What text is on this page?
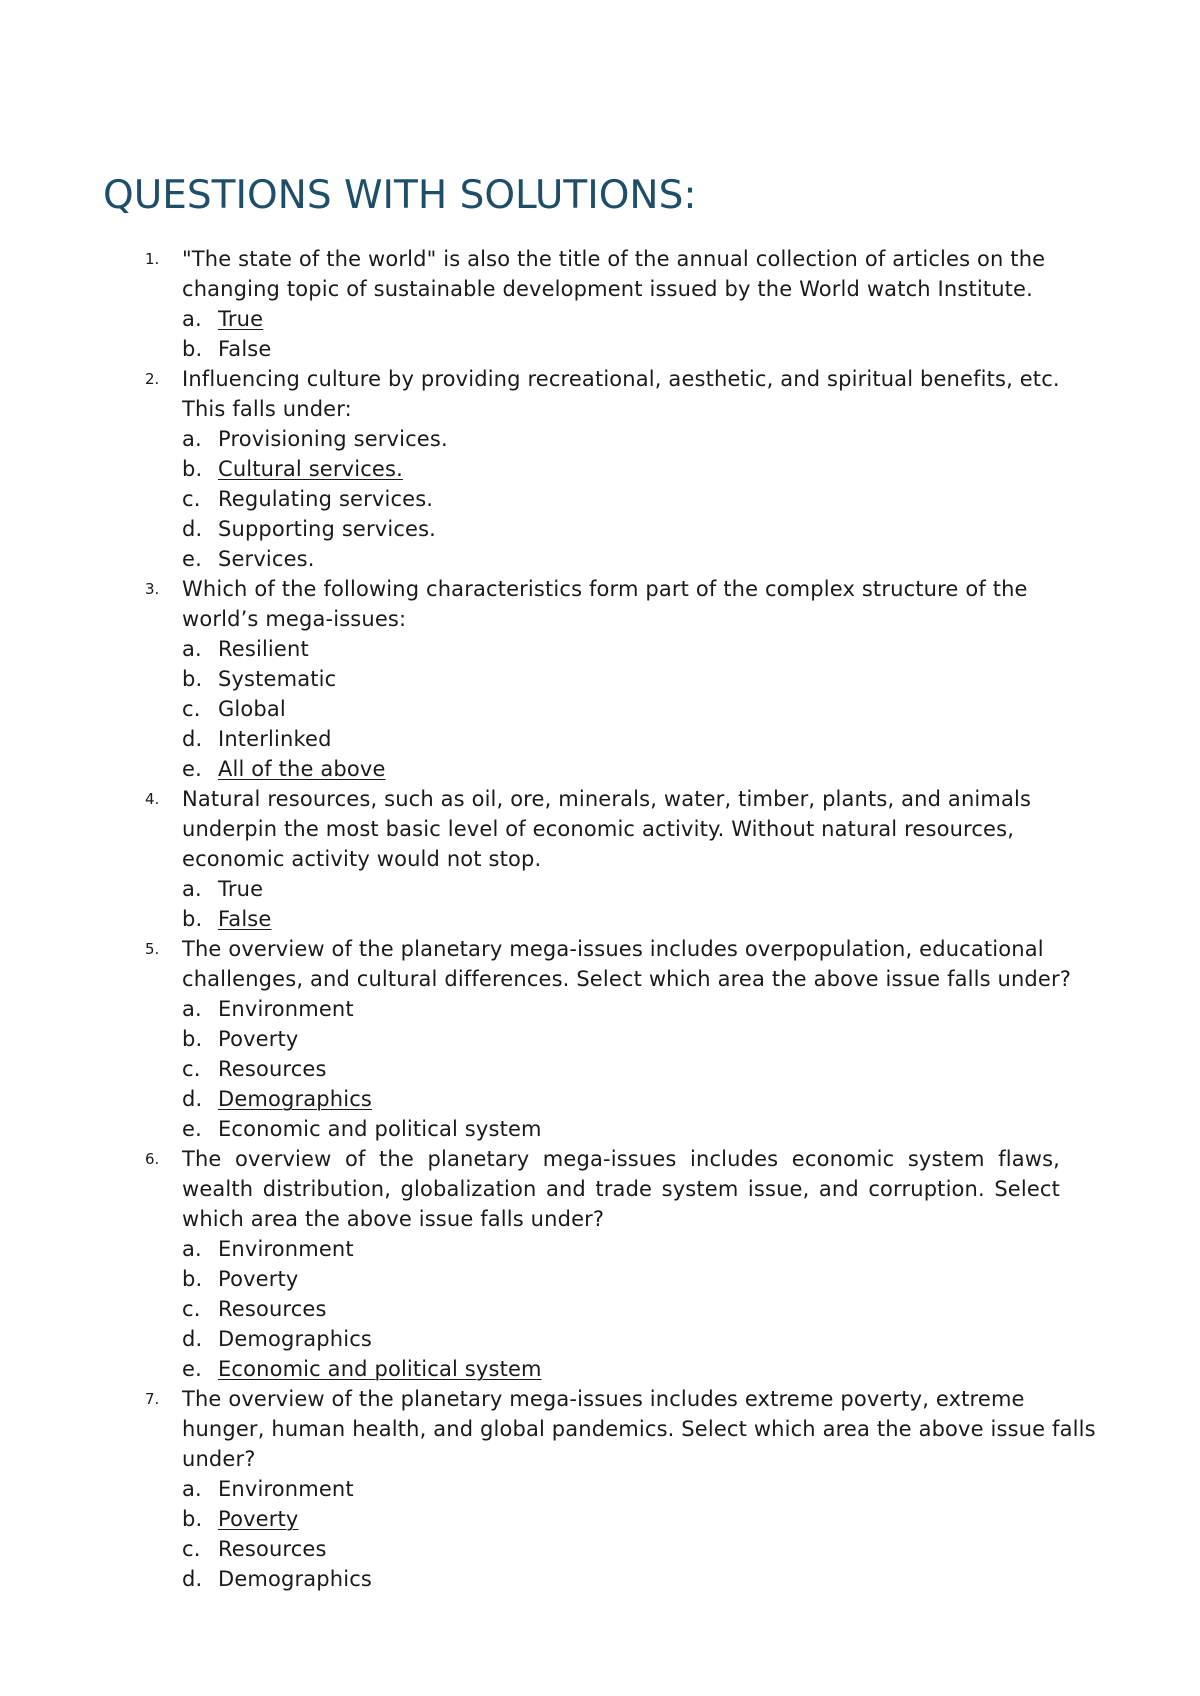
QUESTIONS WITH SOLUTIONS:
1. "The state of the world" is also the title of the annual collection of articles on the changing topic of sustainable development issued by the World watch Institute.
a. True
b. False
2. Influencing culture by providing recreational, aesthetic, and spiritual benefits, etc. This falls under:
a. Provisioning services.
b. Cultural services.
c. Regulating services.
d. Supporting services.
e. Services.
3. Which of the following characteristics form part of the complex structure of the world’s mega-issues:
a. Resilient
b. Systematic
c. Global
d. Interlinked
e. All of the above
4. Natural resources, such as oil, ore, minerals, water, timber, plants, and animals underpin the most basic level of economic activity. Without natural resources, economic activity would not stop.
a. True
b. False
5. The overview of the planetary mega-issues includes overpopulation, educational challenges, and cultural differences. Select which area the above issue falls under?
a. Environment
b. Poverty
c. Resources
d. Demographics
e. Economic and political system
6. The overview of the planetary mega-issues includes economic system flaws, wealth distribution, globalization and trade system issue, and corruption. Select which area the above issue falls under?
a. Environment
b. Poverty
c. Resources
d. Demographics
e. Economic and political system
7. The overview of the planetary mega-issues includes extreme poverty, extreme hunger, human health, and global pandemics. Select which area the above issue falls under?
a. Environment
b. Poverty
c. Resources
d. Demographics
